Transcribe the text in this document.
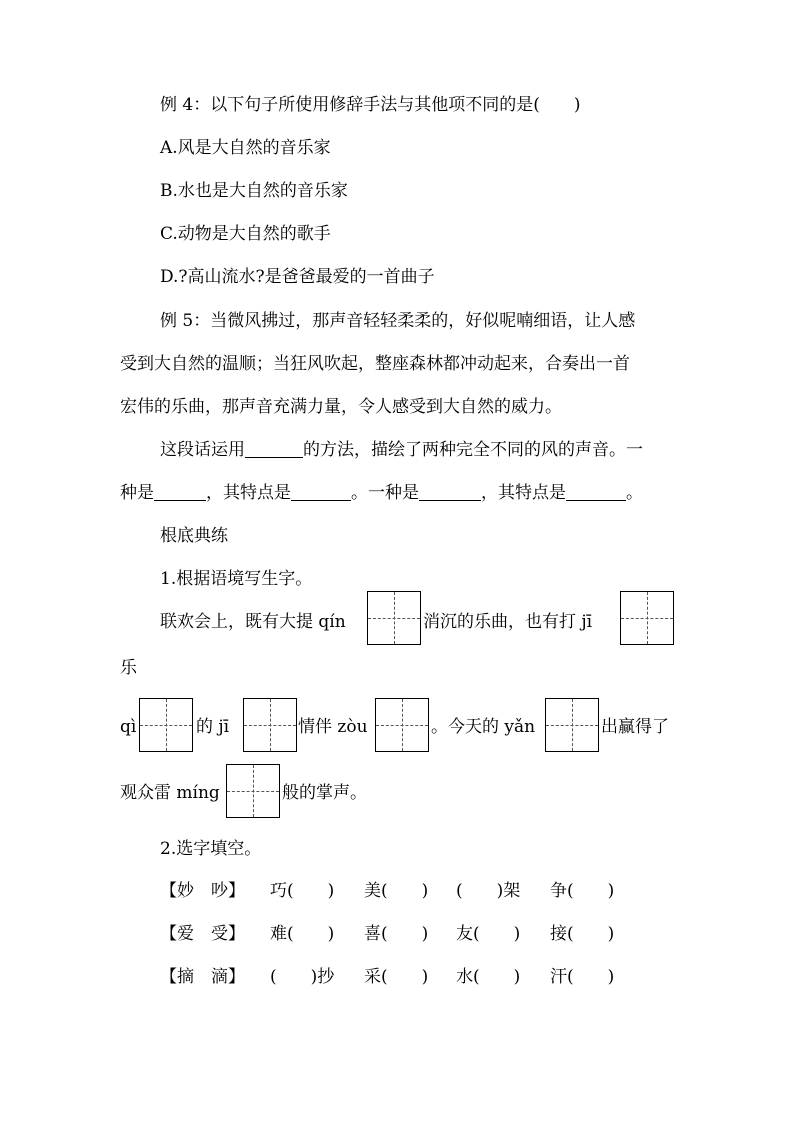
例 4：以下句子所使用修辞手法与其他项不同的是(　　)
A.风是大自然的音乐家
B.水也是大自然的音乐家
C.动物是大自然的歌手
D.?高山流水?是爸爸最爱的一首曲子
例 5：当微风拂过，那声音轻轻柔柔的，好似呢喃细语，让人感
受到大自然的温顺；当狂风吹起，整座森林都冲动起来，合奏出一首
宏伟的乐曲，那声音充满力量，令人感受到大自然的威力。
这段话运用	的方法，描绘了两种完全不同的风的声音。一
种是	，其特点是	。一种是	，其特点是	。
根底典练
1.根据语境写生字。
联欢会上，既有大提 qín	消沉的乐曲，也有打 jī
乐
qì	的 jī	情伴 zòu	。今天的 yǎn	出赢得了
观众雷 míng	般的掌声。
2.选字填空。
【妙　吵】 巧(　　) 美(　　) (　　)架 争(　　)
【爱　受】 难(　　) 喜(　　) 友(　　) 接(　　)
【摘　滴】 (　　)抄 采(　　) 水(　　) 汗(　　)
